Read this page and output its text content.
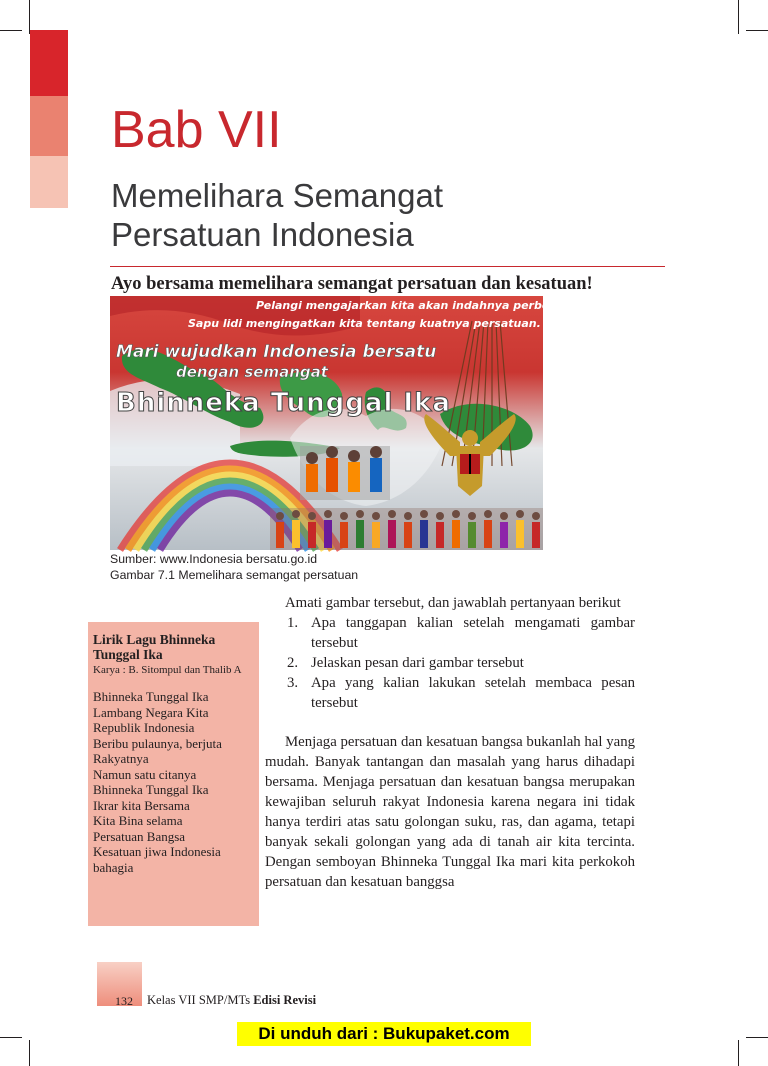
Bab VII
Memelihara Semangat
Persatuan Indonesia

Ayo bersama memelihara semangat persatuan dan kesatuan!

Pelangi mengajarkan kita akan indahnya perbedaan.
Sapu lidi mengingatkan kita tentang kuatnya persatuan.
Mari wujudkan Indonesia bersatu
dengan semangat
Bhinneka Tunggal Ika
Sumber: www.Indonesia bersatu.go.id
Gambar 7.1 Memelihara semangat persatuan

Lirik Lagu Bhinneka Tunggal Ika

Karya : B. Sitompul dan Thalib A

Bhinneka Tunggal Ika
Lambang Negara Kita
Republik Indonesia
Beribu pulaunya, berjuta
Rakyatnya
Namun satu citanya
Bhinneka Tunggal Ika
Ikrar kita Bersama
Kita Bina selama
Persatuan Bangsa
Kesatuan jiwa Indonesia
bahagia

Amati gambar tersebut, dan jawablah pertanyaan berikut

1. Apa tanggapan kalian setelah mengamati gambar tersebut
2. Jelaskan pesan dari gambar tersebut
3. Apa yang kalian lakukan setelah membaca pesan tersebut

Menjaga persatuan dan kesatuan bangsa bukanlah hal yang mudah. Banyak tantangan dan masalah yang harus dihadapi bersama. Menjaga persatuan dan kesatuan bangsa merupakan kewajiban seluruh rakyat Indonesia karena negara ini tidak hanya terdiri atas satu golongan suku, ras, dan agama, tetapi banyak sekali golongan yang ada di tanah air kita tercinta. Dengan semboyan Bhinneka Tunggal Ika mari kita perkokoh persatuan dan kesatuan banggsa

132 Kelas VII SMP/MTs Edisi Revisi
Di unduh dari : Bukupaket.com
